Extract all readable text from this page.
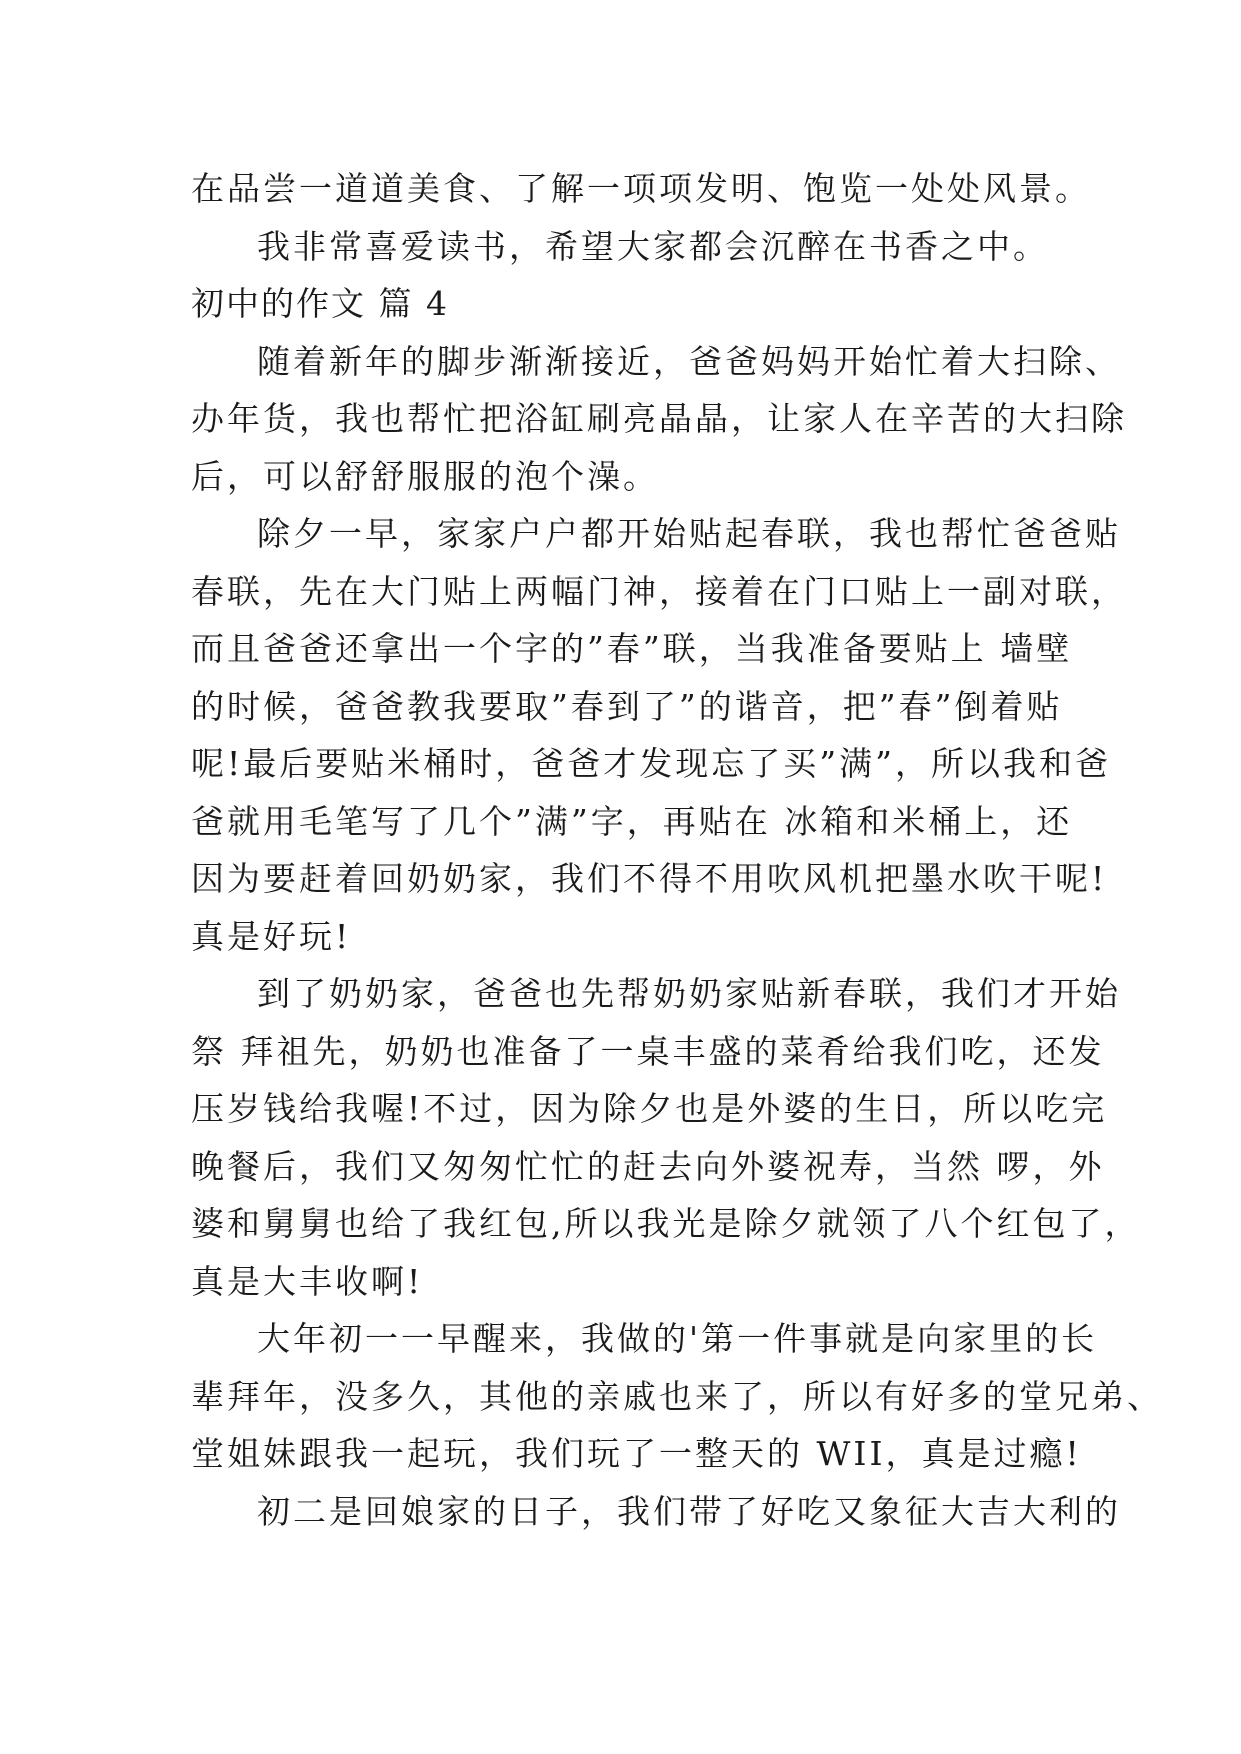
在品尝一道道美食、了解一项项发明、饱览一处处风景。
我非常喜爱读书，希望大家都会沉醉在书香之中。
初中的作文 篇 4
随着新年的脚步渐渐接近，爸爸妈妈开始忙着大扫除、
办年货，我也帮忙把浴缸刷亮晶晶，让家人在辛苦的大扫除
后，可以舒舒服服的泡个澡。
除夕一早，家家户户都开始贴起春联，我也帮忙爸爸贴
春联，先在大门贴上两幅门神，接着在门口贴上一副对联，
而且爸爸还拿出一个字的”春”联，当我准备要贴上 墙壁
的时候，爸爸教我要取”春到了”的谐音，把”春”倒着贴
呢!最后要贴米桶时，爸爸才发现忘了买”满”，所以我和爸
爸就用毛笔写了几个”满”字，再贴在 冰箱和米桶上，还
因为要赶着回奶奶家，我们不得不用吹风机把墨水吹干呢!
真是好玩!
到了奶奶家，爸爸也先帮奶奶家贴新春联，我们才开始
祭 拜祖先，奶奶也准备了一桌丰盛的菜肴给我们吃，还发
压岁钱给我喔!不过，因为除夕也是外婆的生日，所以吃完
晚餐后，我们又匆匆忙忙的赶去向外婆祝寿，当然 啰，外
婆和舅舅也给了我红包,所以我光是除夕就领了八个红包了，
真是大丰收啊!
大年初一一早醒来，我做的'第一件事就是向家里的长
辈拜年，没多久，其他的亲戚也来了，所以有好多的堂兄弟、
堂姐妹跟我一起玩，我们玩了一整天的 WII，真是过瘾!
初二是回娘家的日子，我们带了好吃又象征大吉大利的
